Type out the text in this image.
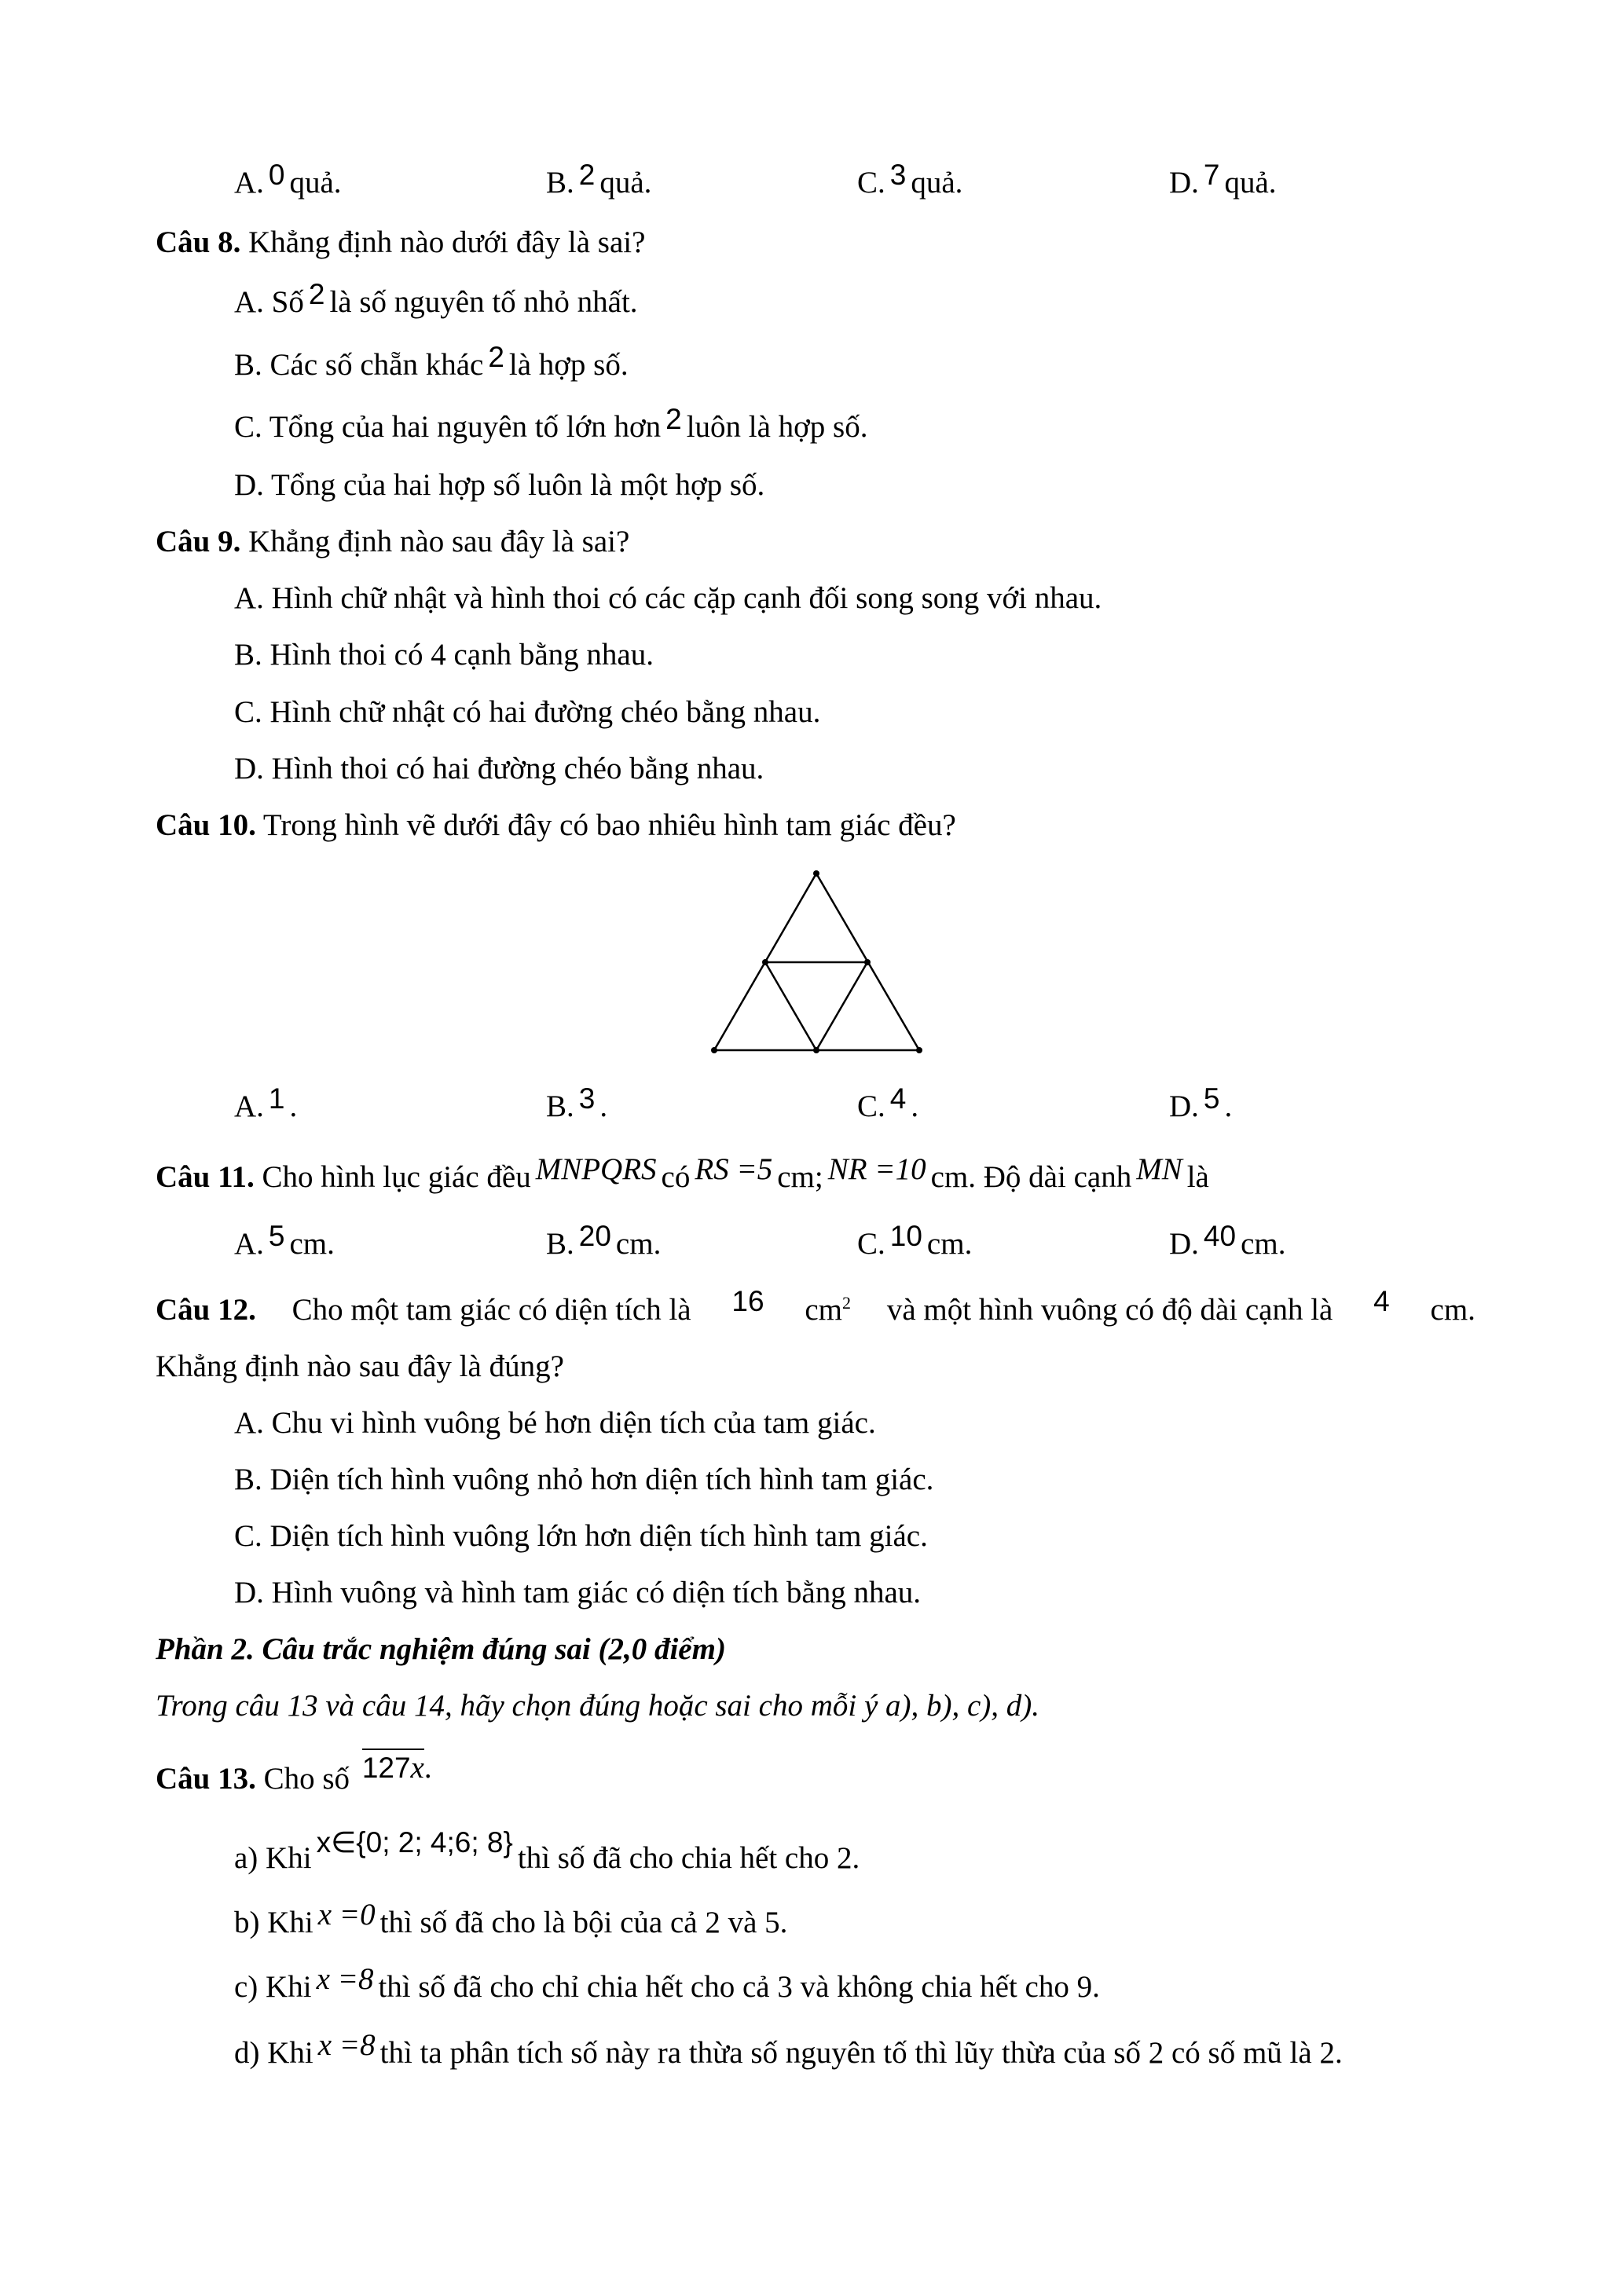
A. 0 quả.	B. 2 quả.	C. 3 quả.	D. 7 quả.
Câu 8. Khẳng định nào dưới đây là sai?
A. Số 2 là số nguyên tố nhỏ nhất.
B. Các số chẵn khác 2 là hợp số.
C. Tổng của hai nguyên tố lớn hơn 2 luôn là hợp số.
D. Tổng của hai hợp số luôn là một hợp số.
Câu 9. Khẳng định nào sau đây là sai?
A. Hình chữ nhật và hình thoi có các cặp cạnh đối song song với nhau.
B. Hình thoi có 4 cạnh bằng nhau.
C. Hình chữ nhật có hai đường chéo bằng nhau.
D. Hình thoi có hai đường chéo bằng nhau.
Câu 10. Trong hình vẽ dưới đây có bao nhiêu hình tam giác đều?
A. 1 .	B. 3 .	C. 4 .	D. 5 .
Câu 11. Cho hình lục giác đều MNPQRS có RS =5 cm; NR =10 cm. Độ dài cạnh MN là
A. 5 cm.	B. 20 cm.	C. 10 cm.	D. 40 cm.
Câu 12. Cho một tam giác có diện tích là 16 $cm^2$ và một hình vuông có độ dài cạnh là 4 cm.
Khẳng định nào sau đây là đúng?
A. Chu vi hình vuông bé hơn diện tích của tam giác.
B. Diện tích hình vuông nhỏ hơn diện tích hình tam giác.
C. Diện tích hình vuông lớn hơn diện tích hình tam giác.
D. Hình vuông và hình tam giác có diện tích bằng nhau.
Phần 2. Câu trắc nghiệm đúng sai (2,0 điểm)
Trong câu 13 và câu 14, hãy chọn đúng hoặc sai cho mỗi ý a), b), c), d).
Câu 13. Cho số 127x.
a) Khi x∈{0; 2; 4;6; 8} thì số đã cho chia hết cho 2.
b) Khi x =0 thì số đã cho là bội của cả 2 và 5.
c) Khi x =8 thì số đã cho chỉ chia hết cho cả 3 và không chia hết cho 9.
d) Khi x =8 thì ta phân tích số này ra thừa số nguyên tố thì lũy thừa của số 2 có số mũ là 2.
